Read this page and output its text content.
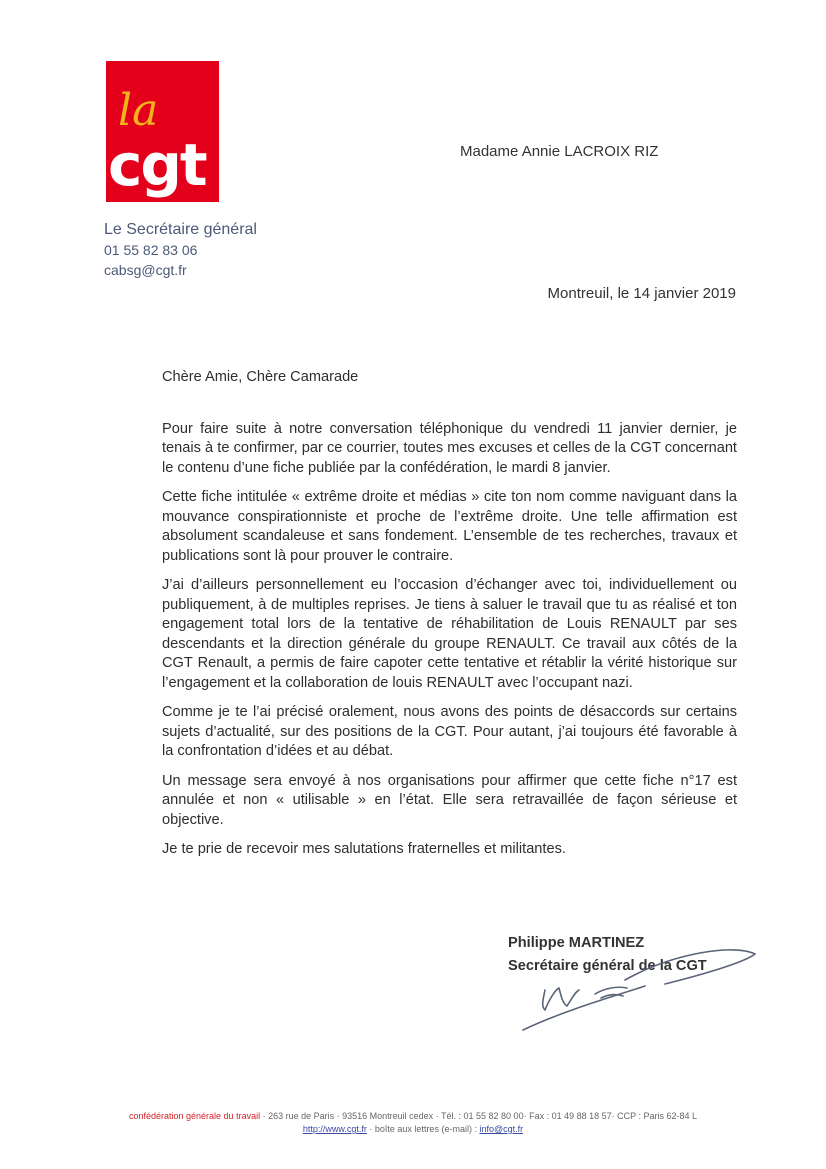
la
cgt
Le Secrétaire général
01 55 82 83 06
cabsg@cgt.fr
Madame Annie LACROIX RIZ
Montreuil, le 14 janvier 2019

Chère Amie, Chère Camarade

Pour faire suite à notre conversation téléphonique du vendredi 11 janvier dernier, je tenais à te confirmer, par ce courrier, toutes mes excuses et celles de la CGT concernant le contenu d’une fiche publiée par la confédération, le mardi 8 janvier.

Cette fiche intitulée « extrême droite et médias » cite ton nom comme naviguant dans la mouvance conspirationniste et proche de l’extrême droite. Une telle affirmation est absolument scandaleuse et sans fondement. L’ensemble de tes recherches, travaux et publications sont là pour prouver le contraire.

J’ai d’ailleurs personnellement eu l’occasion d’échanger avec toi, individuellement ou publiquement, à de multiples reprises. Je tiens à saluer le travail que tu as réalisé et ton engagement total lors de la tentative de réhabilitation de Louis RENAULT par ses descendants et la direction générale du groupe RENAULT. Ce travail aux côtés de la CGT Renault, a permis de faire capoter cette tentative et rétablir la vérité historique sur l’engagement et la collaboration de louis RENAULT avec l’occupant nazi.

Comme je te l’ai précisé oralement, nous avons des points de désaccords sur certains sujets d’actualité, sur des positions de la CGT. Pour autant, j’ai toujours été favorable à la confrontation d’idées et au débat.

Un message sera envoyé à nos organisations pour affirmer que cette fiche n°17 est annulée et non « utilisable » en l’état. Elle sera retravaillée de façon sérieuse et objective.

Je te prie de recevoir mes salutations fraternelles et militantes.

Philippe MARTINEZ
Secrétaire général de la CGT
confédération générale du travail · 263 rue de Paris · 93516 Montreuil cedex · Tél. : 01 55 82 80 00· Fax : 01 49 88 18 57· CCP : Paris 62-84 L
http://www.cgt.fr · boîte aux lettres (e-mail) : info@cgt.fr
